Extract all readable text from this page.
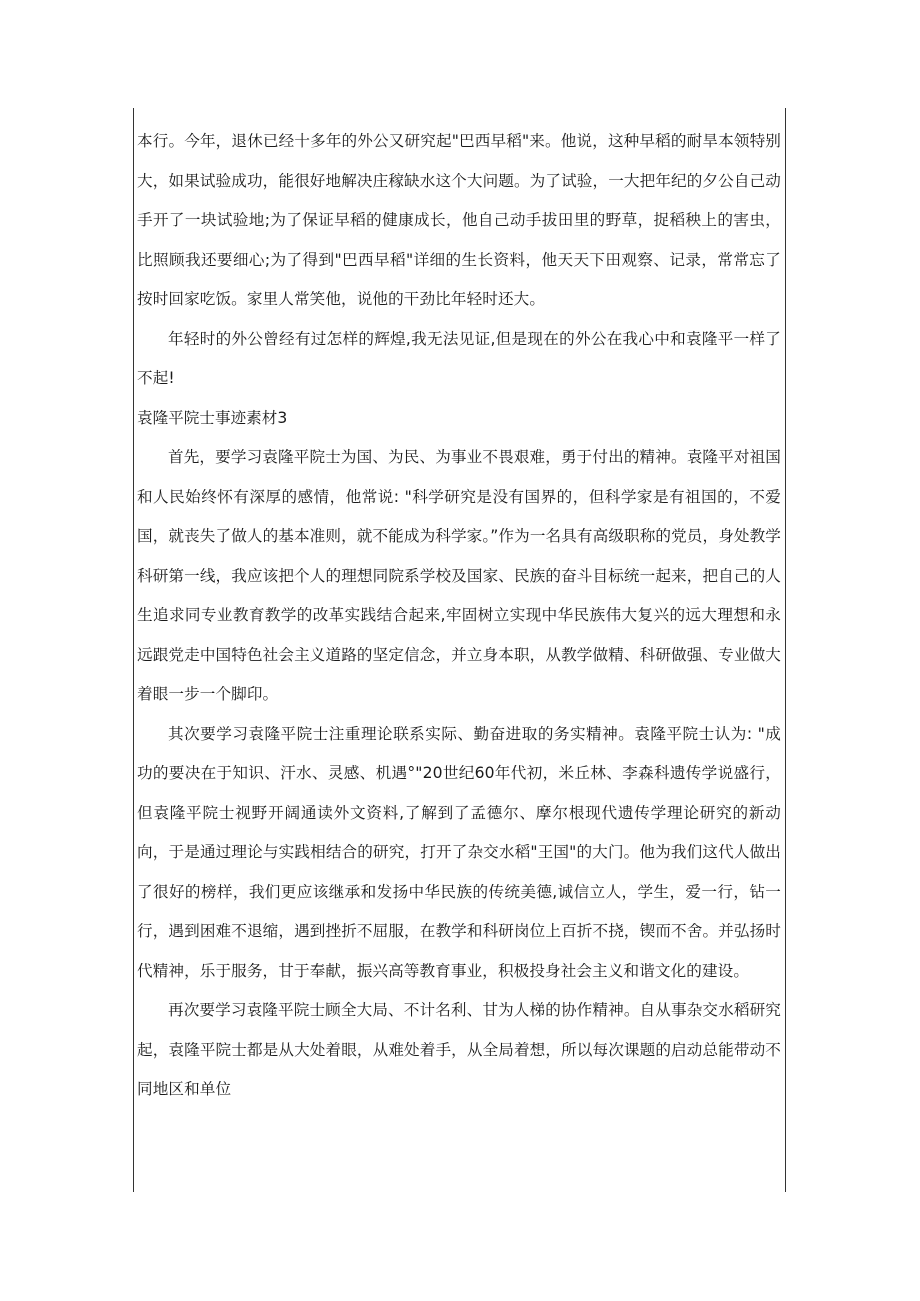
本行。今年，退休已经十多年的外公又研究起"巴西早稻"来。他说，这种早稻的耐旱本领特别大，如果试验成功，能很好地解决庄稼缺水这个大问题。为了试验，一大把年纪的夕公自己动手开了一块试验地;为了保证早稻的健康成长，他自己动手拔田里的野草，捉稻秧上的害虫，比照顾我还要细心;为了得到"巴西早稻"详细的生长资料，他天天下田观察、记录，常常忘了按时回家吃饭。家里人常笑他，说他的干劲比年轻时还大。

年轻时的外公曾经有过怎样的辉煌,我无法见证,但是现在的外公在我心中和袁隆平一样了不起!

袁隆平院士事迹素材3

首先，要学习袁隆平院士为国、为民、为事业不畏艰难，勇于付出的精神。袁隆平对祖国和人民始终怀有深厚的感情，他常说: "科学研究是没有国界的，但科学家是有祖国的，不爱国，就丧失了做人的基本准则，就不能成为科学家。”作为一名具有高级职称的党员，身处教学科研第一线，我应该把个人的理想同院系学校及国家、民族的奋斗目标统一起来，把自己的人生追求同专业教育教学的改革实践结合起来,牢固树立实现中华民族伟大复兴的远大理想和永远跟党走中国特色社会主义道路的坚定信念，并立身本职，从教学做精、科研做强、专业做大着眼一步一个脚印。

其次要学习袁隆平院士注重理论联系实际、勤奋进取的务实精神。袁隆平院士认为: "成功的要决在于知识、汗水、灵感、机遇°"20世纪60年代初，米丘林、李森科遗传学说盛行，但袁隆平院士视野开阔通读外文资料,了解到了孟德尔、摩尔根现代遗传学理论研究的新动向，于是通过理论与实践相结合的研究，打开了杂交水稻"王国"的大门。他为我们这代人做出了很好的榜样，我们更应该继承和发扬中华民族的传统美德,诚信立人，学生，爱一行，钻一行，遇到困难不退缩，遇到挫折不屈服，在教学和科研岗位上百折不挠，锲而不舍。并弘扬时代精神，乐于服务，甘于奉献，振兴高等教育事业，积极投身社会主义和谐文化的建设。

再次要学习袁隆平院士顾全大局、不计名利、甘为人梯的协作精神。自从事杂交水稻研究起，袁隆平院士都是从大处着眼，从难处着手，从全局着想，所以每次课题的启动总能带动不同地区和单位
